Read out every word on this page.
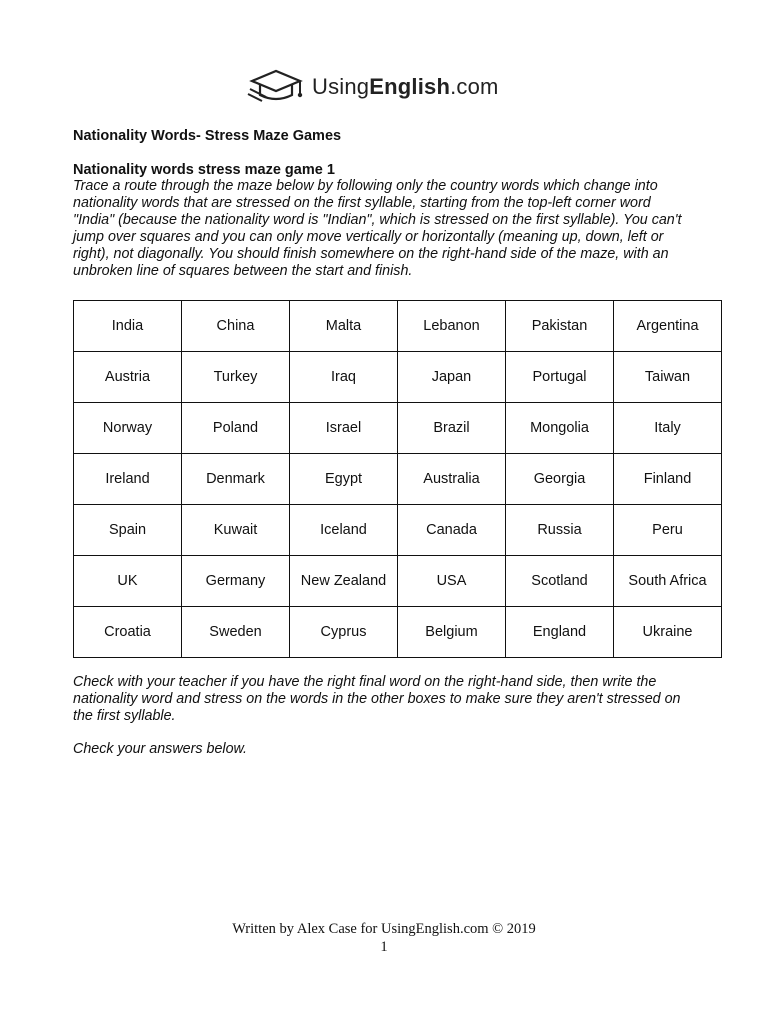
UsingEnglish.com

Nationality Words- Stress Maze Games

Nationality words stress maze game 1

Trace a route through the maze below by following only the country words which change into nationality words that are stressed on the first syllable, starting from the top-left corner word "India" (because the nationality word is "Indian", which is stressed on the first syllable). You can't jump over squares and you can only move vertically or horizontally (meaning up, down, left or right), not diagonally. You should finish somewhere on the right-hand side of the maze, with an unbroken line of squares between the start and finish.

India	China	Malta	Lebanon	Pakistan	Argentina
Austria	Turkey	Iraq	Japan	Portugal	Taiwan
Norway	Poland	Israel	Brazil	Mongolia	Italy
Ireland	Denmark	Egypt	Australia	Georgia	Finland
Spain	Kuwait	Iceland	Canada	Russia	Peru
UK	Germany	New Zealand	USA	Scotland	South Africa
Croatia	Sweden	Cyprus	Belgium	England	Ukraine

Check with your teacher if you have the right final word on the right-hand side, then write the nationality word and stress on the words in the other boxes to make sure they aren't stressed on the first syllable.

Check your answers below.

Written by Alex Case for UsingEnglish.com © 2019
1
